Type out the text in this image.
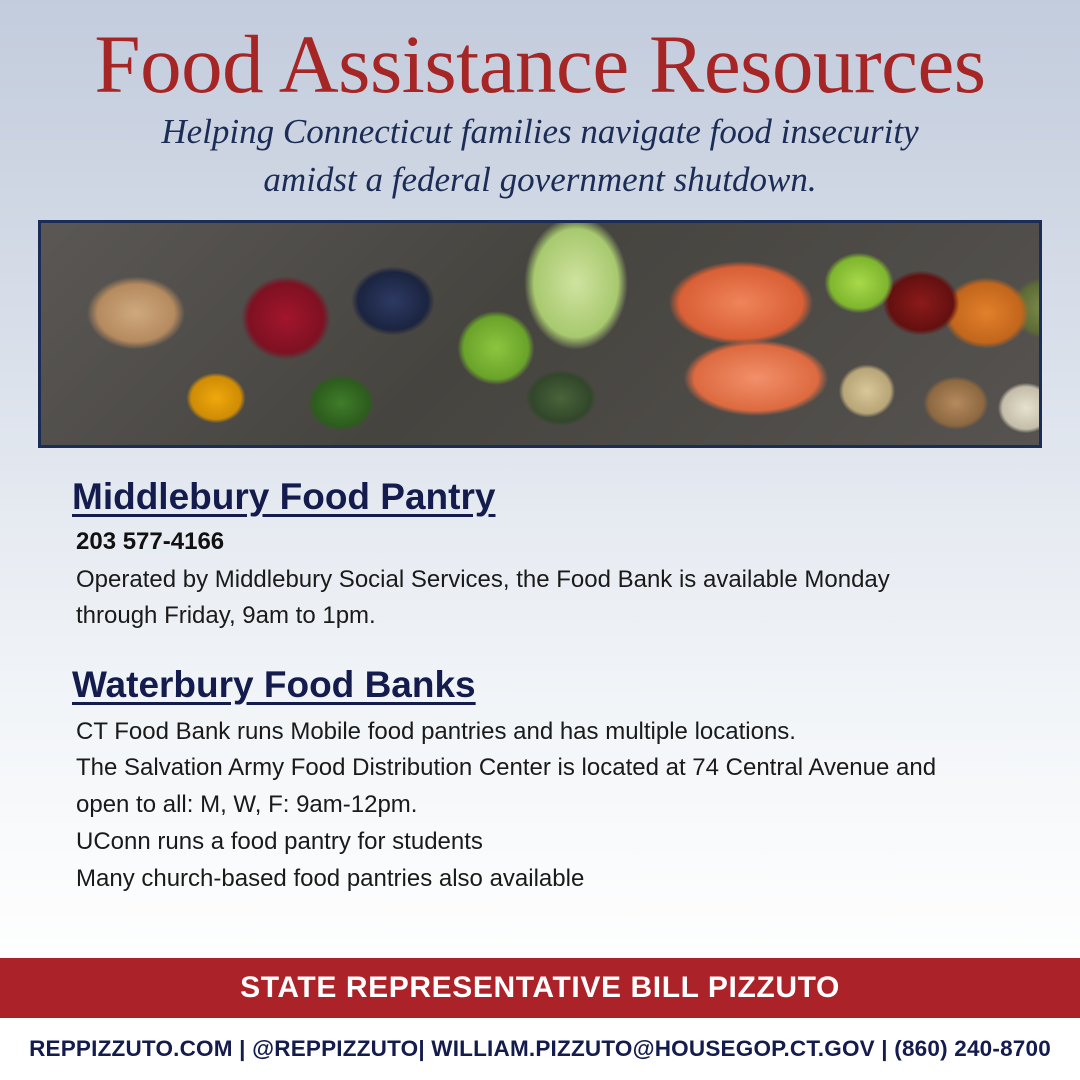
Food Assistance Resources
Helping Connecticut families navigate food insecurity
amidst a federal government shutdown.
Middlebury Food Pantry
203 577-4166

Operated by Middlebury Social Services, the Food Bank is available Monday

through Friday, 9am to 1pm.

Waterbury Food Banks

CT Food Bank runs Mobile food pantries and has multiple locations.

The Salvation Army Food Distribution Center is located at 74 Central Avenue and

open to all: M, W, F: 9am-12pm.

UConn runs a food pantry for students

Many church-based food pantries also available

STATE REPRESENTATIVE BILL PIZZUTO
REPPIZZUTO.COM | @REPPIZZUTO| WILLIAM.PIZZUTO@HOUSEGOP.CT.GOV | (860) 240-8700
